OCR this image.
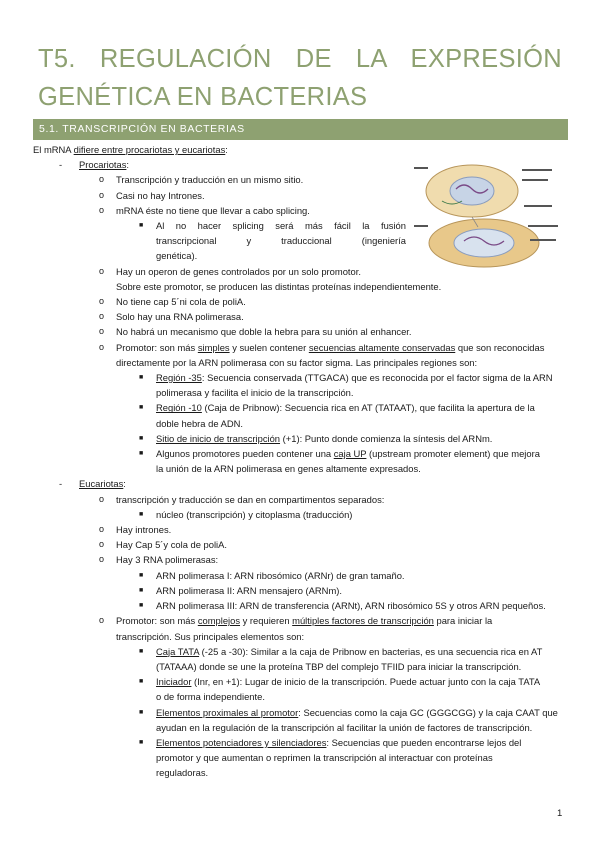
T5. REGULACIÓN DE LA EXPRESIÓN GENÉTICA EN BACTERIAS
5.1. TRANSCRIPCIÓN EN BACTERIAS
El mRNA difiere entre procariotas y eucariotas:
- Procariotas:
o Transcripción y traducción en un mismo sitio.
o Casi no hay Intrones.
o mRNA éste no tiene que llevar a cabo splicing.
■ Al no hacer splicing será más fácil la fusión
transcripcional y traduccional (ingeniería
genética).
o Hay un operon de genes controlados por un solo promotor.
Sobre este promotor, se producen las distintas proteínas independientemente.
o No tiene cap 5´ni cola de poliA.
o Solo hay una RNA polimerasa.
o No habrá un mecanismo que doble la hebra para su unión al enhancer.
o Promotor: son más simples y suelen contener secuencias altamente conservadas que son reconocidas
directamente por la ARN polimerasa con su factor sigma. Las principales regiones son:
■ Región -35: Secuencia conservada (TTGACA) que es reconocida por el factor sigma de la ARN
polimerasa y facilita el inicio de la transcripción.
■ Región -10 (Caja de Pribnow): Secuencia rica en AT (TATAAT), que facilita la apertura de la
doble hebra de ADN.
■ Sitio de inicio de transcripción (+1): Punto donde comienza la síntesis del ARNm.
■ Algunos promotores pueden contener una caja UP (upstream promoter element) que mejora
la unión de la ARN polimerasa en genes altamente expresados.
- Eucariotas:
o transcripción y traducción se dan en compartimentos separados:
■ núcleo (transcripción) y citoplasma (traducción)
o Hay intrones.
o Hay Cap 5´y cola de poliA.
o Hay 3 RNA polimerasas:
■ ARN polimerasa I: ARN ribosómico (ARNr) de gran tamaño.
■ ARN polimerasa II: ARN mensajero (ARNm).
■ ARN polimerasa III: ARN de transferencia (ARNt), ARN ribosómico 5S y otros ARN pequeños.
o Promotor: son más complejos y requieren múltiples factores de transcripción para iniciar la
transcripción. Sus principales elementos son:
■ Caja TATA (-25 a -30): Similar a la caja de Pribnow en bacterias, es una secuencia rica en AT
(TATAAA) donde se une la proteína TBP del complejo TFIID para iniciar la transcripción.
■ Iniciador (Inr, en +1): Lugar de inicio de la transcripción. Puede actuar junto con la caja TATA
o de forma independiente.
■ Elementos proximales al promotor: Secuencias como la caja GC (GGGCGG) y la caja CAAT que
ayudan en la regulación de la transcripción al facilitar la unión de factores de transcripción.
■ Elementos potenciadores y silenciadores: Secuencias que pueden encontrarse lejos del
promotor y que aumentan o reprimen la transcripción al interactuar con proteínas
reguladoras.
1
